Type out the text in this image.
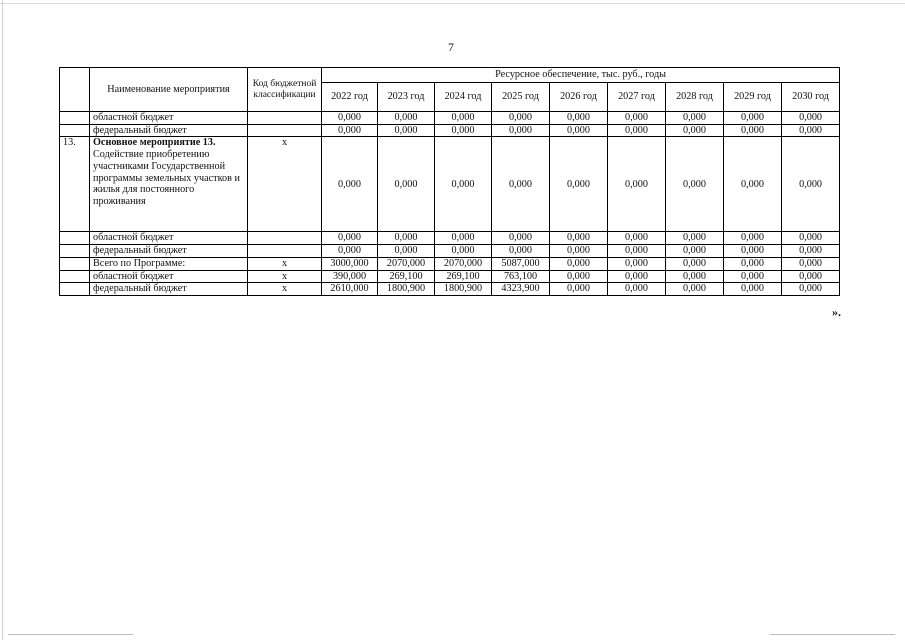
7
	Наименование мероприятия	Код бюджетной классификации	Ресурсное обеспечение, тыс. руб., годы								
			2022 год	2023 год	2024 год	2025 год	2026 год	2027 год	2028 год	2029 год	2030 год
	областной бюджет		0,000	0,000	0,000	0,000	0,000	0,000	0,000	0,000	0,000
	федеральный бюджет		0,000	0,000	0,000	0,000	0,000	0,000	0,000	0,000	0,000
13.	Основное мероприятие 13.
Содействие приобретению участниками Государственной программы земельных участков и жилья для постоянного проживания	х	0,000	0,000	0,000	0,000	0,000	0,000	0,000	0,000	0,000
	областной бюджет		0,000	0,000	0,000	0,000	0,000	0,000	0,000	0,000	0,000
	федеральный бюджет		0,000	0,000	0,000	0,000	0,000	0,000	0,000	0,000	0,000
	Всего по Программе:	х	3000,000	2070,000	2070,000	5087,000	0,000	0,000	0,000	0,000	0,000
	областной бюджет	х	390,000	269,100	269,100	763,100	0,000	0,000	0,000	0,000	0,000
	федеральный бюджет	х	2610,000	1800,900	1800,900	4323,900	0,000	0,000	0,000	0,000	0,000
».
